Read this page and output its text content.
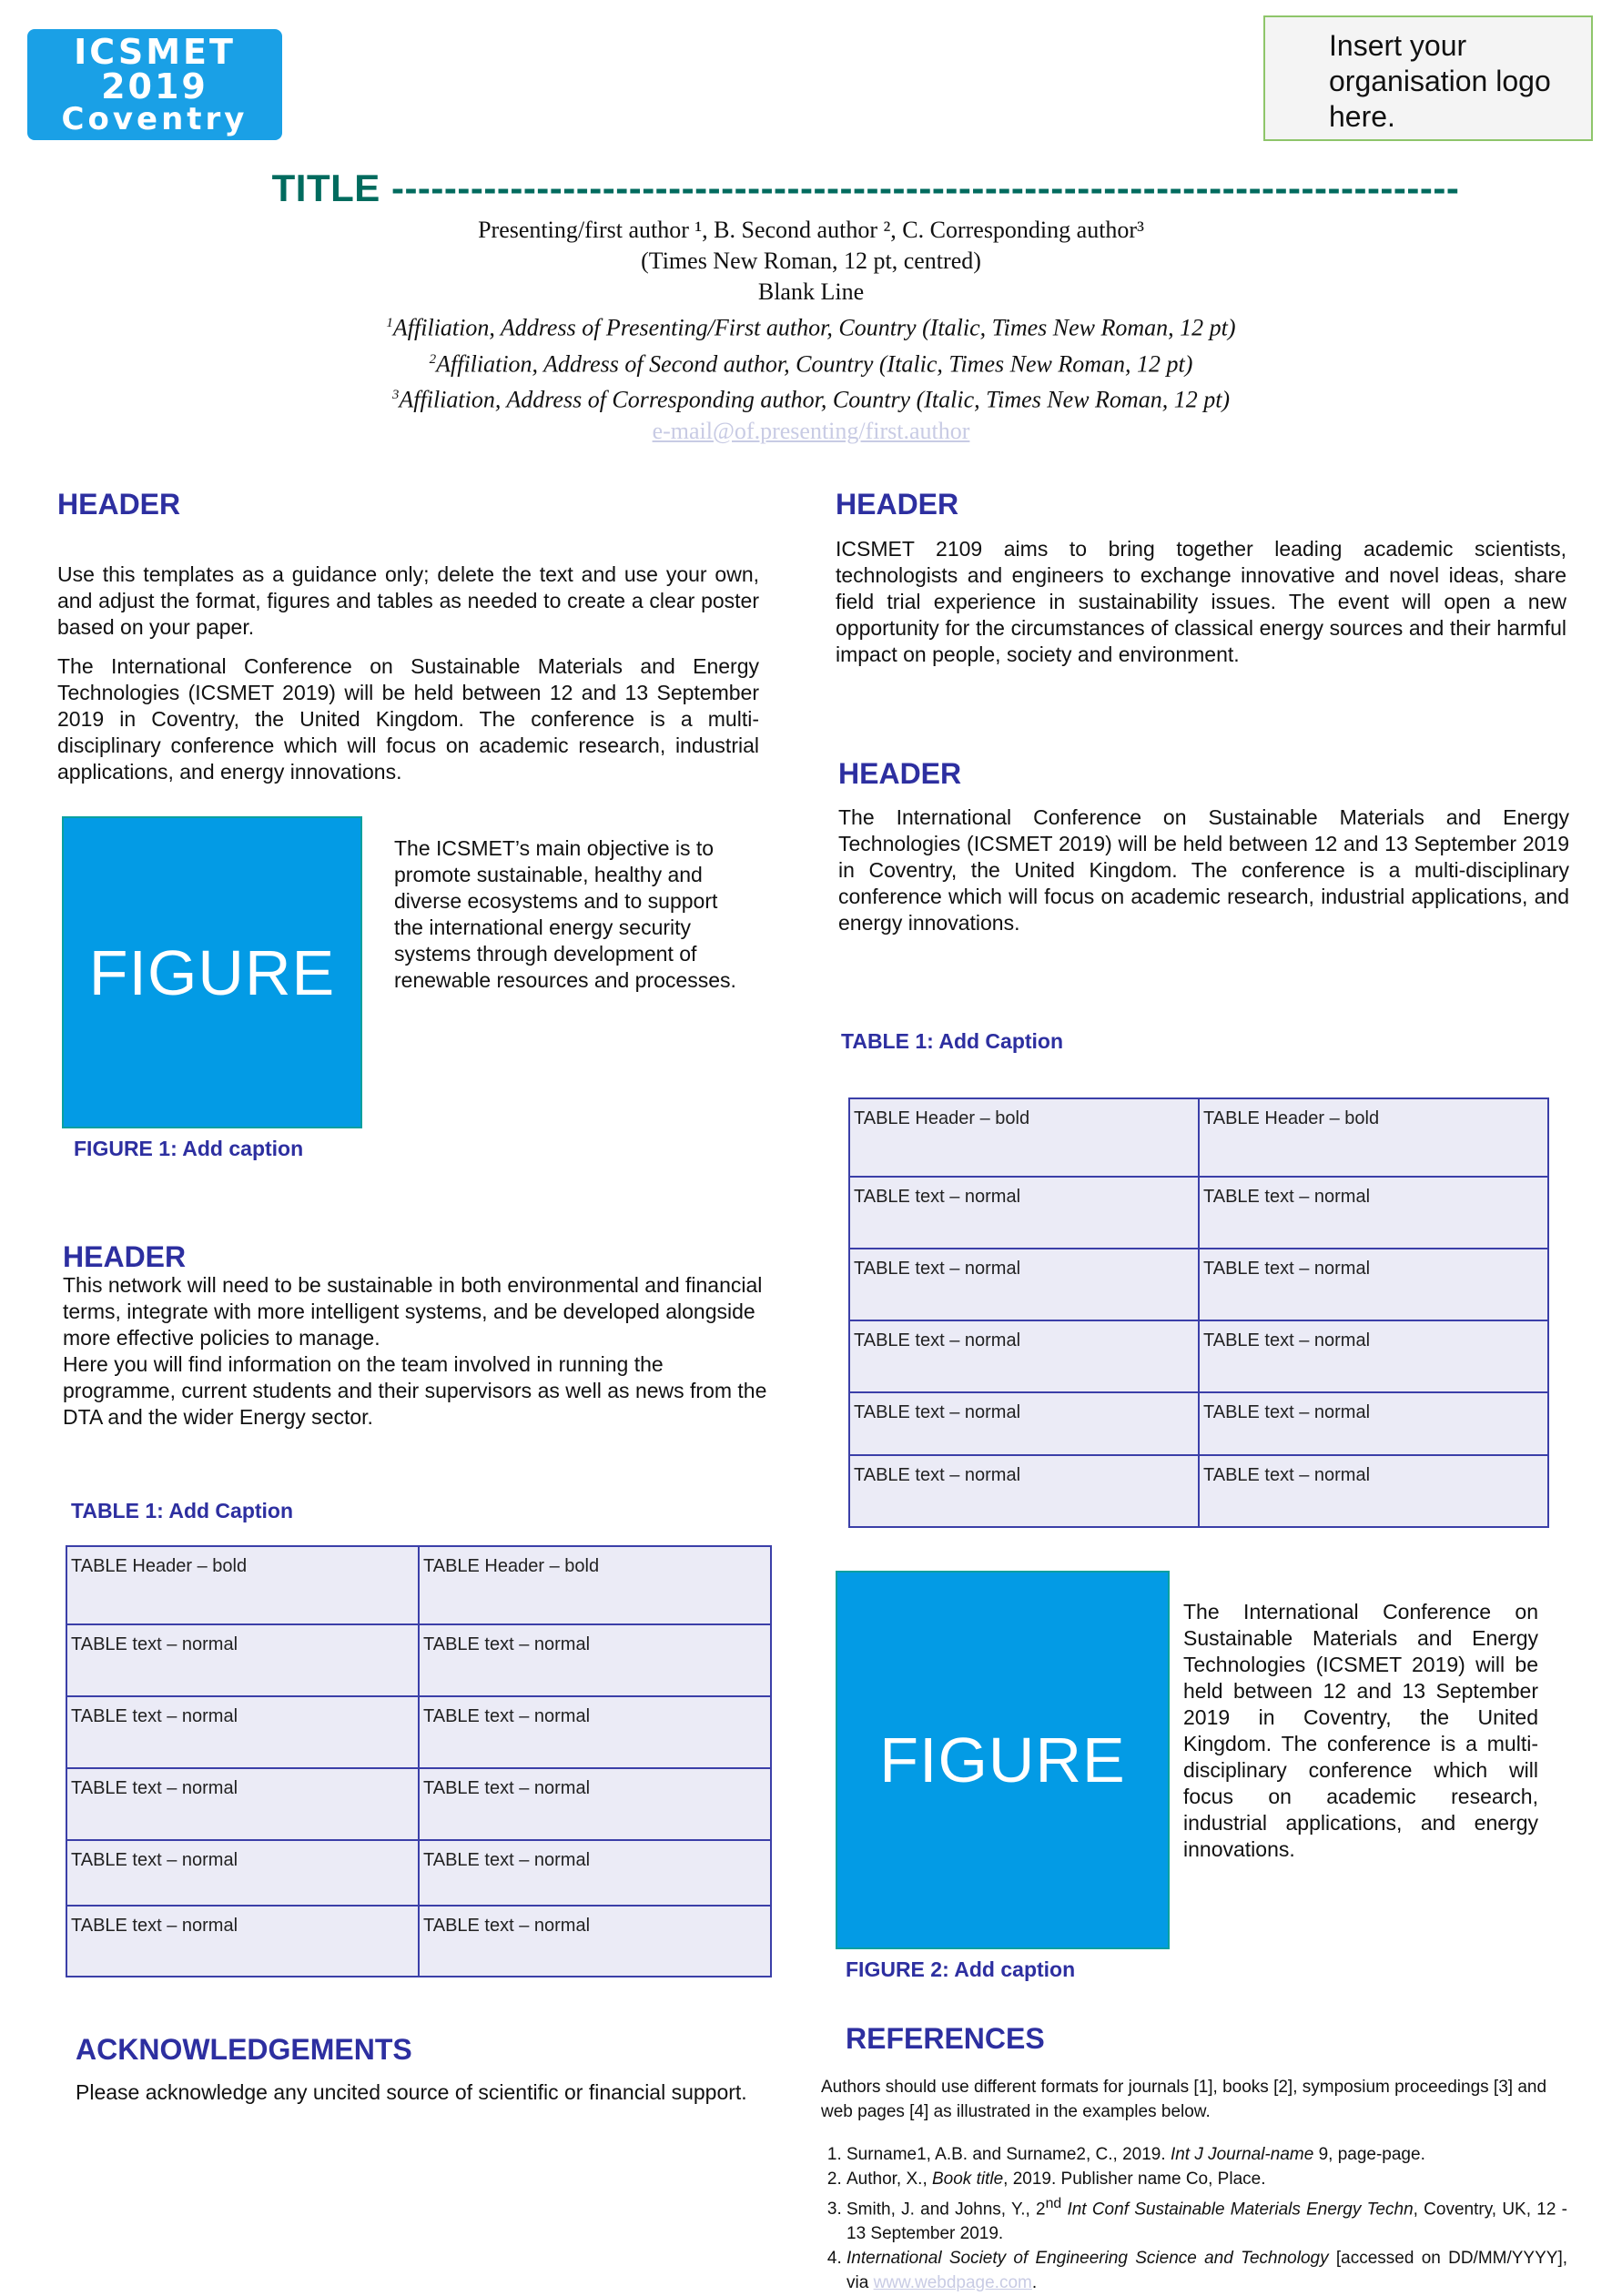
ICSMET
2019
Coventry
Insert your organisation logo here.
TITLE ---------------------------------------------------------------------------------
Presenting/first author ¹, B. Second author ², C. Corresponding author³
(Times New Roman, 12 pt, centred)
Blank Line
$^1$Affiliation, Address of Presenting/First author, Country (Italic, Times New Roman, 12 pt)
$^2$Affiliation, Address of Second author, Country (Italic, Times New Roman, 12 pt)
$^3$Affiliation, Address of Corresponding author, Country (Italic, Times New Roman, 12 pt)
e-mail@of.presenting/first.author
HEADER
Use this templates as a guidance only; delete the text and use your own, and adjust the format, figures and tables as needed to create a clear poster based on your paper.
The International Conference on Sustainable Materials and Energy Technologies (ICSMET 2019) will be held between 12 and 13 September 2019 in Coventry, the United Kingdom. The conference is a multi-disciplinary conference which will focus on academic research, industrial applications, and energy innovations.
FIGURE
The ICSMET’s main objective is to promote sustainable, healthy and diverse ecosystems and to support the international energy security systems through development of renewable resources and processes.
FIGURE 1: Add caption
HEADER
This network will need to be sustainable in both environmental and financial terms, integrate with more intelligent systems, and be developed alongside more effective policies to manage.
Here you will find information on the team involved in running the programme, current students and their supervisors as well as news from the DTA and the wider Energy sector.
TABLE 1: Add Caption
TABLE Header – bold	TABLE Header – bold
TABLE text – normal	TABLE text – normal
TABLE text – normal	TABLE text – normal
TABLE text – normal	TABLE text – normal
TABLE text – normal	TABLE text – normal
TABLE text – normal	TABLE text – normal
ACKNOWLEDGEMENTS
Please acknowledge any uncited source of scientific or financial support.
HEADER
ICSMET 2109 aims to bring together leading academic scientists, technologists and engineers to exchange innovative and novel ideas, share field trial experience in sustainability issues. The event will open a new opportunity for the circumstances of classical energy sources and their harmful impact on people, society and environment.
HEADER
The International Conference on Sustainable Materials and Energy Technologies (ICSMET 2019) will be held between 12 and 13 September 2019 in Coventry, the United Kingdom. The conference is a multi-disciplinary conference which will focus on academic research, industrial applications, and energy innovations.
TABLE 1: Add Caption
TABLE Header – bold	TABLE Header – bold
TABLE text – normal	TABLE text – normal
TABLE text – normal	TABLE text – normal
TABLE text – normal	TABLE text – normal
TABLE text – normal	TABLE text – normal
TABLE text – normal	TABLE text – normal
FIGURE
The International Conference on Sustainable Materials and Energy Technologies (ICSMET 2019) will be held between 12 and 13 September 2019 in Coventry, the United Kingdom. The conference is a multi-disciplinary conference which will focus on academic research, industrial applications, and energy innovations.
FIGURE 2: Add caption
REFERENCES
Authors should use different formats for journals [1], books [2], symposium proceedings [3] and web pages [4] as illustrated in the examples below.
1. Surname1, A.B. and Surname2, C., 2019. Int J Journal-name 9, page-page.
2. Author, X., Book title, 2019. Publisher name Co, Place.
3. Smith, J. and Johns, Y., 2nd Int Conf Sustainable Materials Energy Techn, Coventry, UK, 12 - 13 September 2019.
4. International Society of Engineering Science and Technology [accessed on DD/MM/YYYY], via www.webdpage.com.
